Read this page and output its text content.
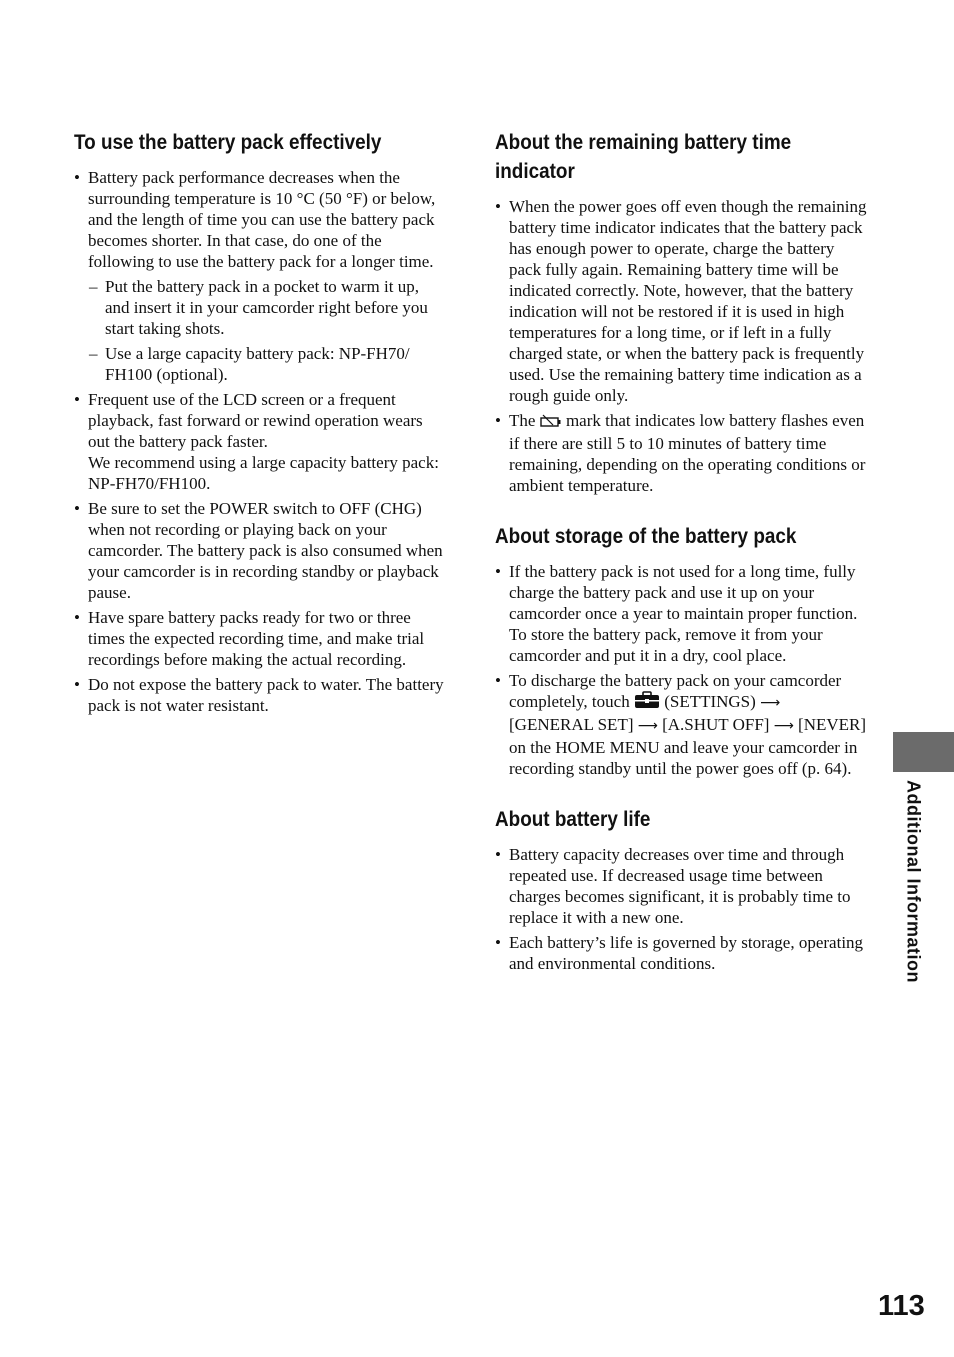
To use the battery pack effectively
• Battery pack performance decreases when the surrounding temperature is 10 °C (50 °F) or below, and the length of time you can use the battery pack becomes shorter. In that case, do one of the following to use the battery pack for a longer time.
– Put the battery pack in a pocket to warm it up, and insert it in your camcorder right before you start taking shots.
– Use a large capacity battery pack: NP-FH70/ FH100 (optional).
• Frequent use of the LCD screen or a frequent playback, fast forward or rewind operation wears out the battery pack faster.
We recommend using a large capacity battery pack: NP-FH70/FH100.
• Be sure to set the POWER switch to OFF (CHG) when not recording or playing back on your camcorder. The battery pack is also consumed when your camcorder is in recording standby or playback pause.
• Have spare battery packs ready for two or three times the expected recording time, and make trial recordings before making the actual recording.
• Do not expose the battery pack to water. The battery pack is not water resistant.
About the remaining battery time indicator
• When the power goes off even though the remaining battery time indicator indicates that the battery pack has enough power to operate, charge the battery pack fully again. Remaining battery time will be indicated correctly. Note, however, that the battery indication will not be restored if it is used in high temperatures for a long time, or if left in a fully charged state, or when the battery pack is frequently used. Use the remaining battery time indication as a rough guide only.
• The mark that indicates low battery flashes even if there are still 5 to 10 minutes of battery time remaining, depending on the operating conditions or ambient temperature.
About storage of the battery pack
• If the battery pack is not used for a long time, fully charge the battery pack and use it up on your camcorder once a year to maintain proper function. To store the battery pack, remove it from your camcorder and put it in a dry, cool place.
• To discharge the battery pack on your camcorder completely, touch (SETTINGS) ⟶ [GENERAL SET] ⟶ [A.SHUT OFF] ⟶ [NEVER] on the HOME MENU and leave your camcorder in recording standby until the power goes off (p. 64).
About battery life
• Battery capacity decreases over time and through repeated use. If decreased usage time between charges becomes significant, it is probably time to replace it with a new one.
• Each battery’s life is governed by storage, operating and environmental conditions.	Additional Information
113
